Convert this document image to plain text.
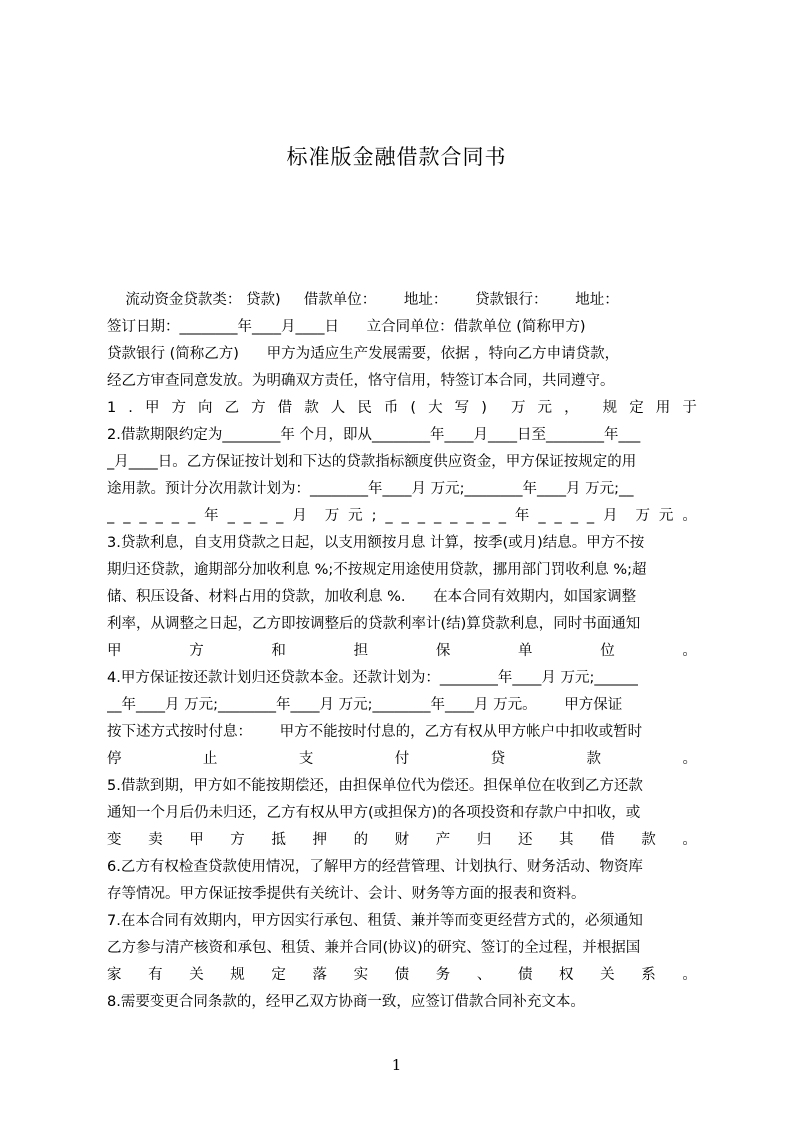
标准版金融借款合同书
流动资金贷款类： 贷款)     借款单位：      地址：      贷款银行：      地址：
签订日期：________年____月____日      立合同单位：借款单位 (简称甲方)
贷款银行 (简称乙方)      甲方为适应生产发展需要，依据 ，特向乙方申请贷款，
经乙方审查同意发放。为明确双方责任，恪守信用，特签订本合同，共同遵守。
1 . 甲 方 向 乙 方 借 款 人 民 币 ( 大 写 ) 万 元 ， 规 定 用 于
2.借款期限约定为________年 个月，即从________年____月____日至________年___
_月____日。乙方保证按计划和下达的贷款指标额度供应资金，甲方保证按规定的用
途用款。预计分次用款计划为：________年____月 万元;________年____月 万元;__
_ _ _ _ _ _ 年 _ _ _ _ 月 万 元 ; _ _ _ _ _ _ _ _ 年 _ _ _ _ 月 万 元 。
3.贷款利息，自支用贷款之日起，以支用额按月息 计算，按季(或月)结息。甲方不按
期归还贷款，逾期部分加收利息 %;不按规定用途使用贷款，挪用部门罚收利息 %;超
储、积压设备、材料占用的贷款，加收利息 %.      在本合同有效期内，如国家调整
利率，从调整之日起，乙方即按调整后的贷款利率计(结)算贷款利息，同时书面通知
甲	方	和	担	保	单	位	。
4.甲方保证按还款计划归还贷款本金。还款计划为：________年____月 万元;______
__年____月 万元;________年____月 万元;________年____月 万元。      甲方保证
按下述方式按时付息：      甲方不能按时付息的，乙方有权从甲方帐户中扣收或暂时
停	止	支	付	贷	款	。
5.借款到期，甲方如不能按期偿还，由担保单位代为偿还。担保单位在收到乙方还款
通知一个月后仍未归还，乙方有权从甲方(或担保方)的各项投资和存款户中扣收，或
变 卖 甲 方 抵 押 的 财 产 归 还 其 借 款 。
6.乙方有权检查贷款使用情况，了解甲方的经营管理、计划执行、财务活动、物资库
存等情况。甲方保证按季提供有关统计、会计、财务等方面的报表和资料。
7.在本合同有效期内，甲方因实行承包、租赁、兼并等而变更经营方式的，必须通知
乙方参与清产核资和承包、租赁、兼并合同(协议)的研究、签订的全过程，并根据国
家 有 关 规 定 落 实 债 务 、 债 权 关 系 。
8.需要变更合同条款的，经甲乙双方协商一致，应签订借款合同补充文本。
1
